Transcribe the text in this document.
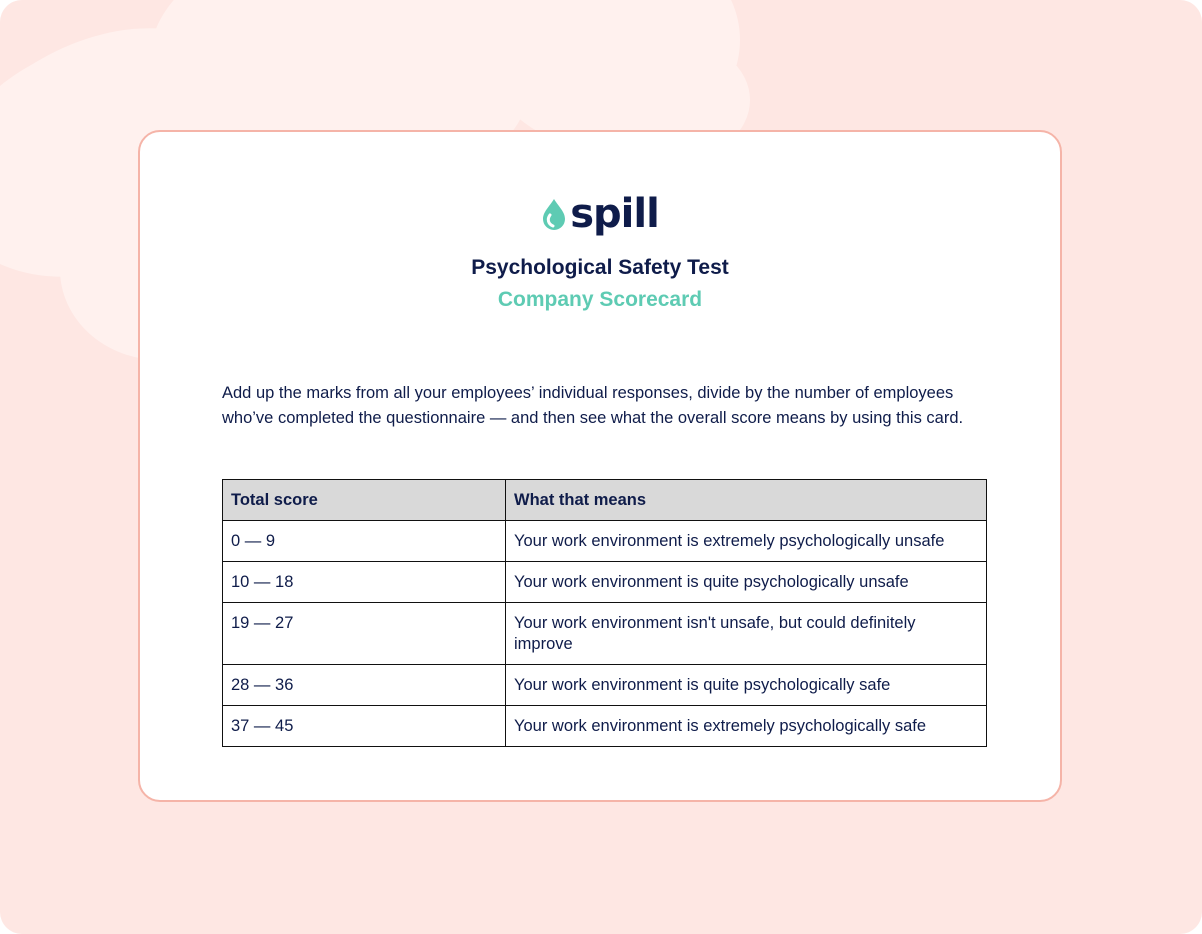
spill
Psychological Safety Test
Company Scorecard

Add up the marks from all your employees’ individual responses, divide by the number of employees who’ve completed the questionnaire — and then see what the overall score means by using this card.

Total score	What that means
0 — 9	Your work environment is extremely psychologically unsafe
10 — 18	Your work environment is quite psychologically unsafe
19 — 27	Your work environment isn't unsafe, but could definitely improve
28 — 36	Your work environment is quite psychologically safe
37 — 45	Your work environment is extremely psychologically safe
